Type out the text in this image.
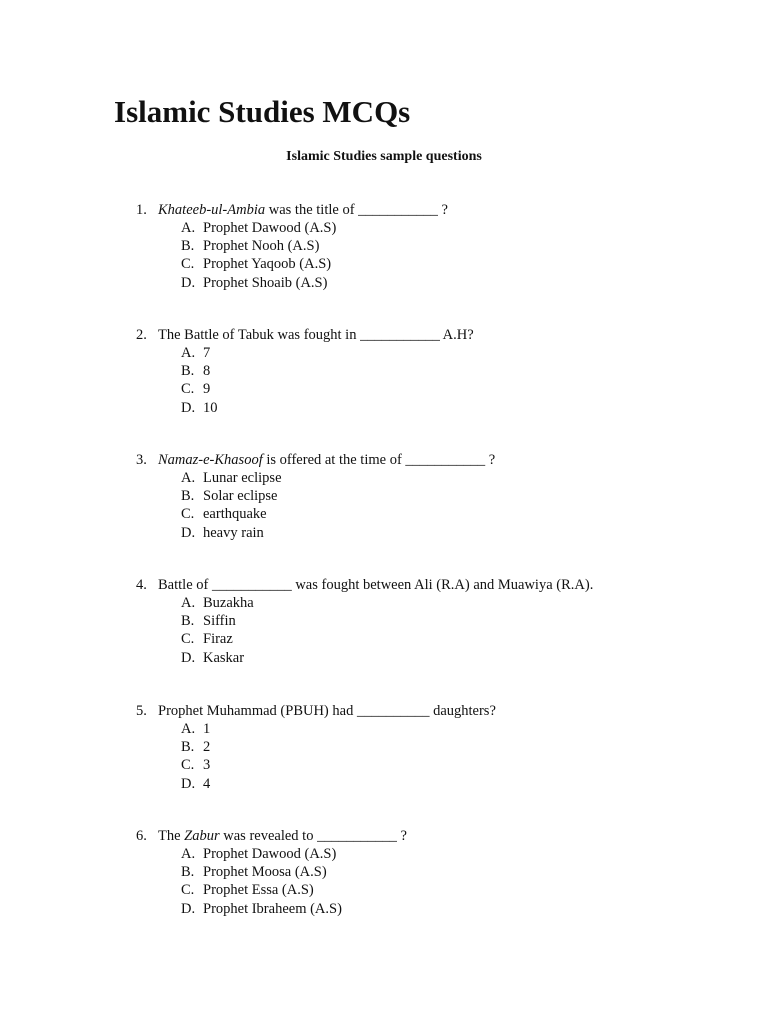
Islamic Studies MCQs
Islamic Studies sample questions
1. Khateeb-ul-Ambia was the title of ___________ ?
A. Prophet Dawood (A.S)
B. Prophet Nooh (A.S)
C. Prophet Yaqoob (A.S)
D. Prophet Shoaib (A.S)
2. The Battle of Tabuk was fought in ___________ A.H?
A. 7
B. 8
C. 9
D. 10
3. Namaz-e-Khasoof is offered at the time of ___________ ?
A. Lunar eclipse
B. Solar eclipse
C. earthquake
D. heavy rain
4. Battle of ___________ was fought between Ali (R.A) and Muawiya (R.A).
A. Buzakha
B. Siffin
C. Firaz
D. Kaskar
5. Prophet Muhammad (PBUH) had __________ daughters?
A. 1
B. 2
C. 3
D. 4
6. The Zabur was revealed to ___________ ?
A. Prophet Dawood (A.S)
B. Prophet Moosa (A.S)
C. Prophet Essa (A.S)
D. Prophet Ibraheem (A.S)
